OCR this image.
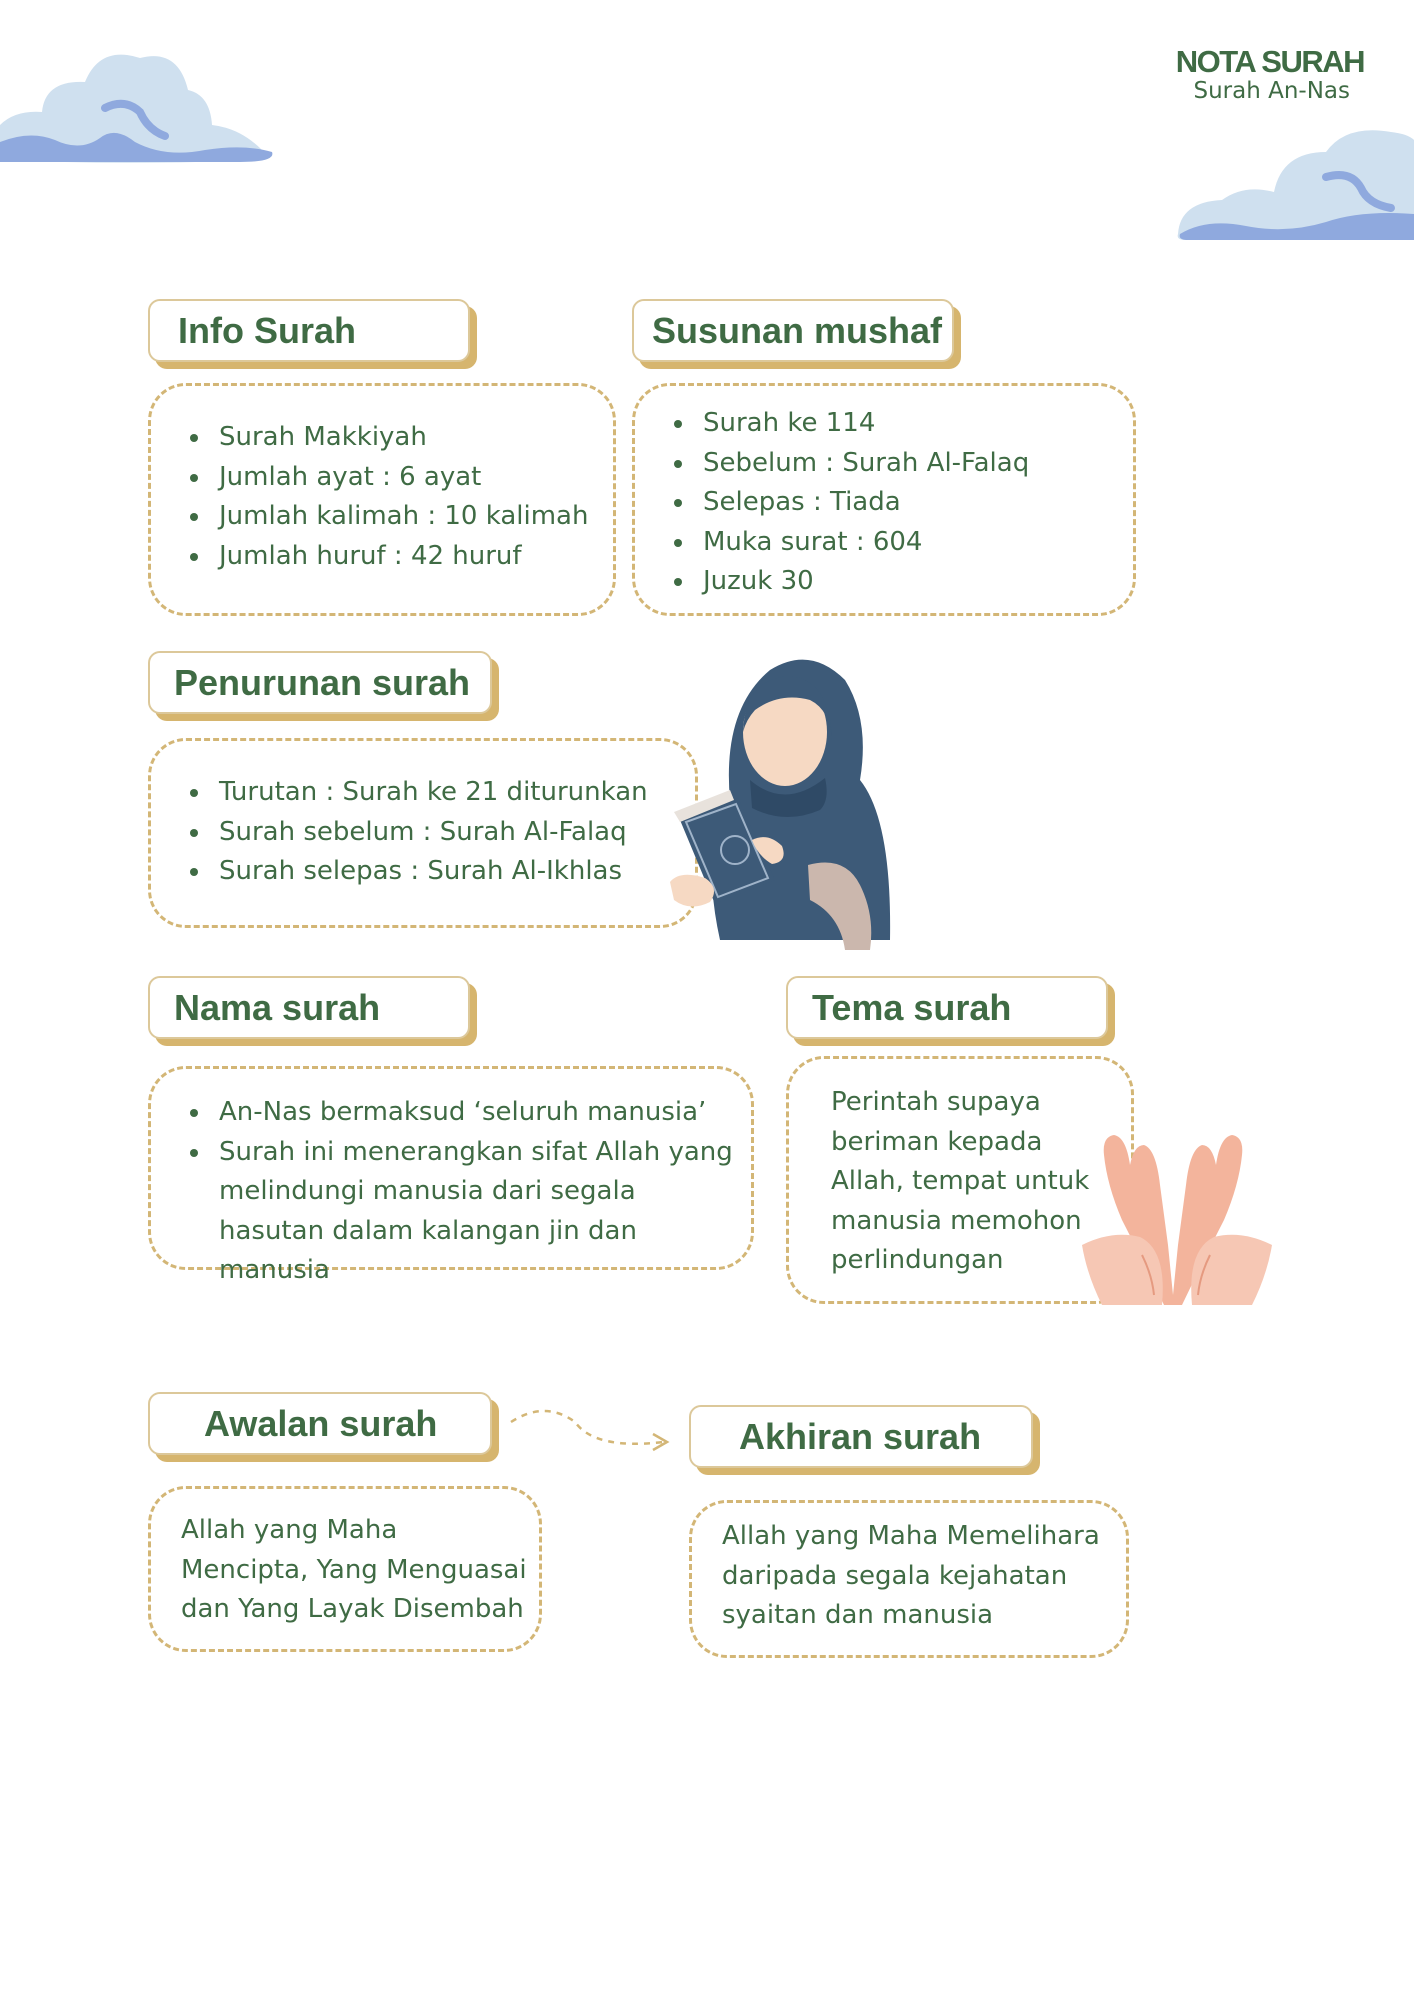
NOTA SURAH
Surah An-Nas
Info Surah
Surah Makkiyah
Jumlah ayat : 6 ayat
Jumlah kalimah : 10 kalimah
Jumlah huruf : 42 huruf
Susunan mushaf
Surah ke 114
Sebelum : Surah Al-Falaq
Selepas : Tiada
Muka surat : 604
Juzuk 30
Penurunan surah
Turutan : Surah ke 21 diturunkan
Surah sebelum : Surah Al-Falaq
Surah selepas : Surah Al-Ikhlas
Nama surah
An-Nas bermaksud ‘seluruh manusia’
Surah ini menerangkan sifat Allah yang melindungi manusia dari segala hasutan dalam kalangan jin dan manusia
Tema surah

Perintah supaya beriman kepada Allah, tempat untuk manusia memohon perlindungan

Awalan surah

Allah yang Maha Mencipta, Yang Menguasai dan Yang Layak Disembah

Akhiran surah

Allah yang Maha Memelihara daripada segala kejahatan syaitan dan manusia
